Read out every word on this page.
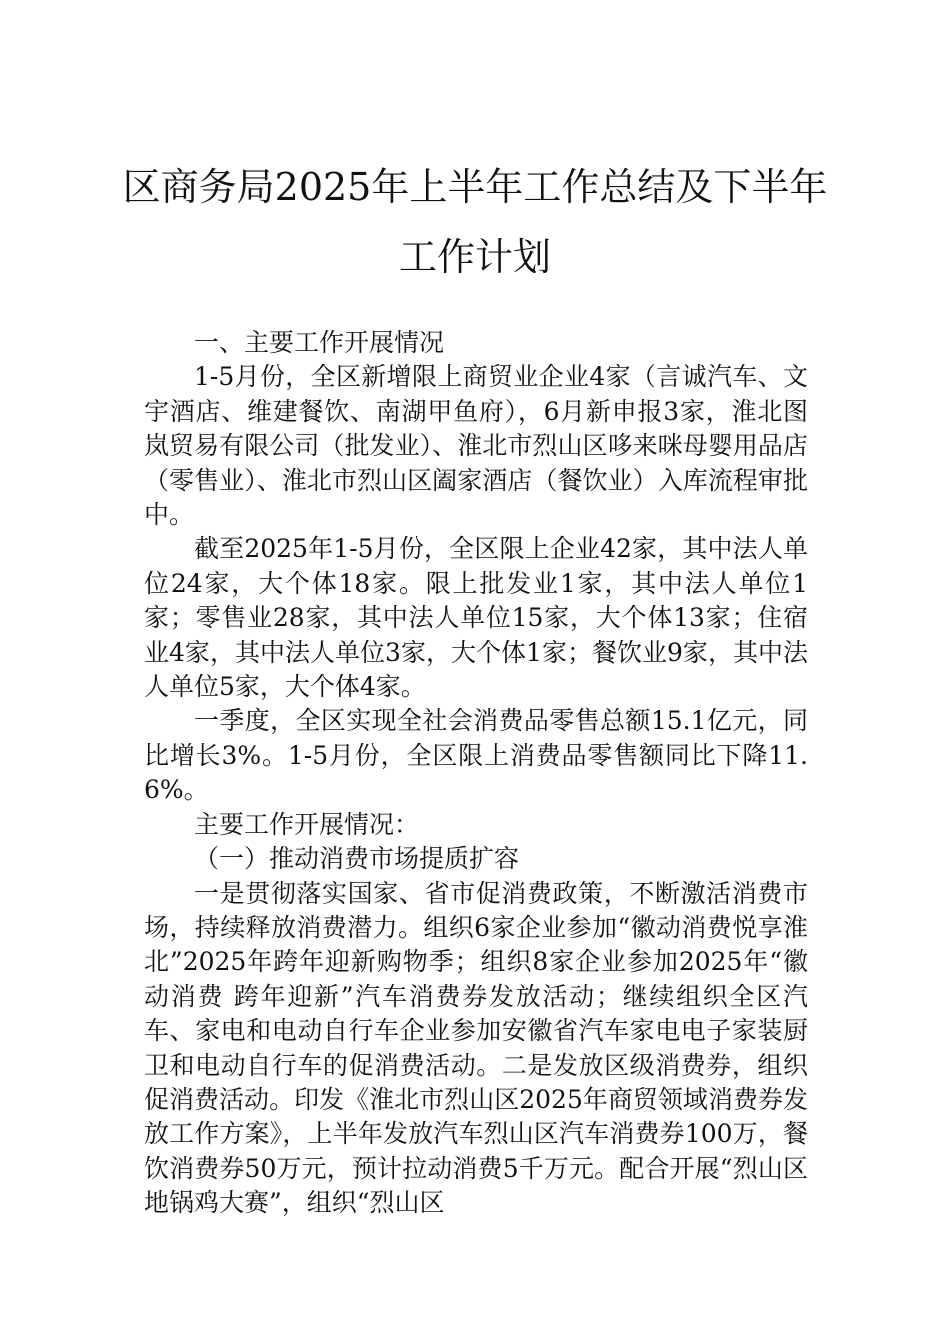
区商务局2025年上半年工作总结及下半年
工作计划

一、主要工作开展情况

1-5月份，全区新增限上商贸业企业4家（言诚汽车、文宇酒店、维建餐饮、南湖甲鱼府），6月新申报3家，淮北图岚贸易有限公司（批发业）、淮北市烈山区哆来咪母婴用品店（零售业）、淮北市烈山区阖家酒店（餐饮业）入库流程审批中。

截至2025年1-5月份，全区限上企业42家，其中法人单位24家，大个体18家。限上批发业1家，其中法人单位1家；零售业28家，其中法人单位15家，大个体13家；住宿业4家，其中法人单位3家，大个体1家；餐饮业9家，其中法人单位5家，大个体4家。

一季度，全区实现全社会消费品零售总额15.1亿元，同比增长3%。1-5月份，全区限上消费品零售额同比下降11.6%。

主要工作开展情况：

（一）推动消费市场提质扩容

一是贯彻落实国家、省市促消费政策，不断激活消费市场，持续释放消费潜力。组织6家企业参加“徽动消费悦享淮北”2025年跨年迎新购物季；组织8家企业参加2025年“徽动消费 跨年迎新”汽车消费券发放活动；继续组织全区汽车、家电和电动自行车企业参加安徽省汽车家电电子家装厨卫和电动自行车的促消费活动。二是发放区级消费券，组织促消费活动。印发《淮北市烈山区2025年商贸领域消费券发放工作方案》，上半年发放汽车烈山区汽车消费券100万，餐饮消费券50万元，预计拉动消费5千万元。配合开展“烈山区地锅鸡大赛”，组织“烈山区
